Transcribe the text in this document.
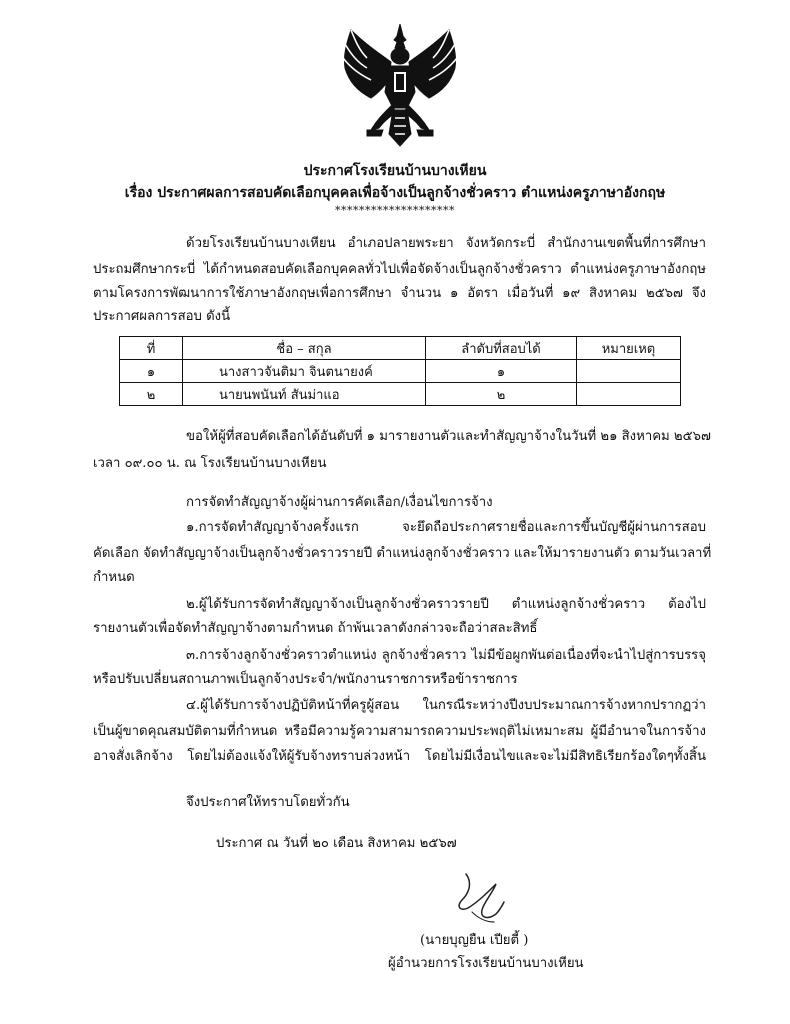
ประกาศโรงเรียนบ้านบางเหียน
เรื่อง ประกาศผลการสอบคัดเลือกบุคคลเพื่อจ้างเป็นลูกจ้างชั่วคราว ตำแหน่งครูภาษาอังกฤษ
********************
ด้วยโรงเรียนบ้านบางเหียน อำเภอปลายพระยา จังหวัดกระบี่ สำนักงานเขตพื้นที่การศึกษา
ประถมศึกษากระบี่ ได้กำหนดสอบคัดเลือกบุคคลทั่วไปเพื่อจัดจ้างเป็นลูกจ้างชั่วคราว ตำแหน่งครูภาษาอังกฤษ
ตามโครงการพัฒนาการใช้ภาษาอังกฤษเพื่อการศึกษา จำนวน ๑ อัตรา เมื่อวันที่ ๑๙ สิงหาคม ๒๕๖๗ จึง
ประกาศผลการสอบ ดังนี้
ที่	ชื่อ – สกุล	ลำดับที่สอบได้	หมายเหตุ
๑	นางสาวจันติมา จินตนายงค์	๑	
๒	นายนพนันท์ สันม่าแอ	๒	
ขอให้ผู้ที่สอบคัดเลือกได้อันดับที่ ๑ มารายงานตัวและทำสัญญาจ้างในวันที่ ๒๑ สิงหาคม ๒๕๖๗
เวลา ๐๙.๐๐ น. ณ โรงเรียนบ้านบางเหียน
การจัดทำสัญญาจ้างผู้ผ่านการคัดเลือก/เงื่อนไขการจ้าง
๑.การจัดทำสัญญาจ้างครั้งแรก จะยึดถือประกาศรายชื่อและการขึ้นบัญชีผู้ผ่านการสอบ
คัดเลือก จัดทำสัญญาจ้างเป็นลูกจ้างชั่วคราวรายปี ตำแหน่งลูกจ้างชั่วคราว และให้มารายงานตัว ตามวันเวลาที่
กำหนด
๒.ผู้ได้รับการจัดทำสัญญาจ้างเป็นลูกจ้างชั่วคราวรายปี ตำแหน่งลูกจ้างชั่วคราว ต้องไป
รายงานตัวเพื่อจัดทำสัญญาจ้างตามกำหนด ถ้าพ้นเวลาดังกล่าวจะถือว่าสละสิทธิ์
๓.การจ้างลูกจ้างชั่วคราวตำแหน่ง ลูกจ้างชั่วคราว ไม่มีข้อผูกพันต่อเนื่องที่จะนำไปสู่การบรรจุ
หรือปรับเปลี่ยนสถานภาพเป็นลูกจ้างประจำ/พนักงานราชการหรือข้าราชการ
๔.ผู้ได้รับการจ้างปฏิบัติหน้าที่ครูผู้สอน ในกรณีระหว่างปีงบประมาณการจ้างหากปรากฏว่า
เป็นผู้ขาดคุณสมบัติตามที่กำหนด หรือมีความรู้ความสามารถความประพฤติไม่เหมาะสม ผู้มีอำนาจในการจ้าง
อาจสั่งเลิกจ้าง โดยไม่ต้องแจ้งให้ผู้รับจ้างทราบล่วงหน้า โดยไม่มีเงื่อนไขและจะไม่มีสิทธิเรียกร้องใดๆทั้งสิ้น
จึงประกาศให้ทราบโดยทั่วกัน
ประกาศ ณ วันที่ ๒๐ เดือน สิงหาคม ๒๕๖๗
(นายบุญยืน เปียตี้ )
ผู้อำนวยการโรงเรียนบ้านบางเหียน
